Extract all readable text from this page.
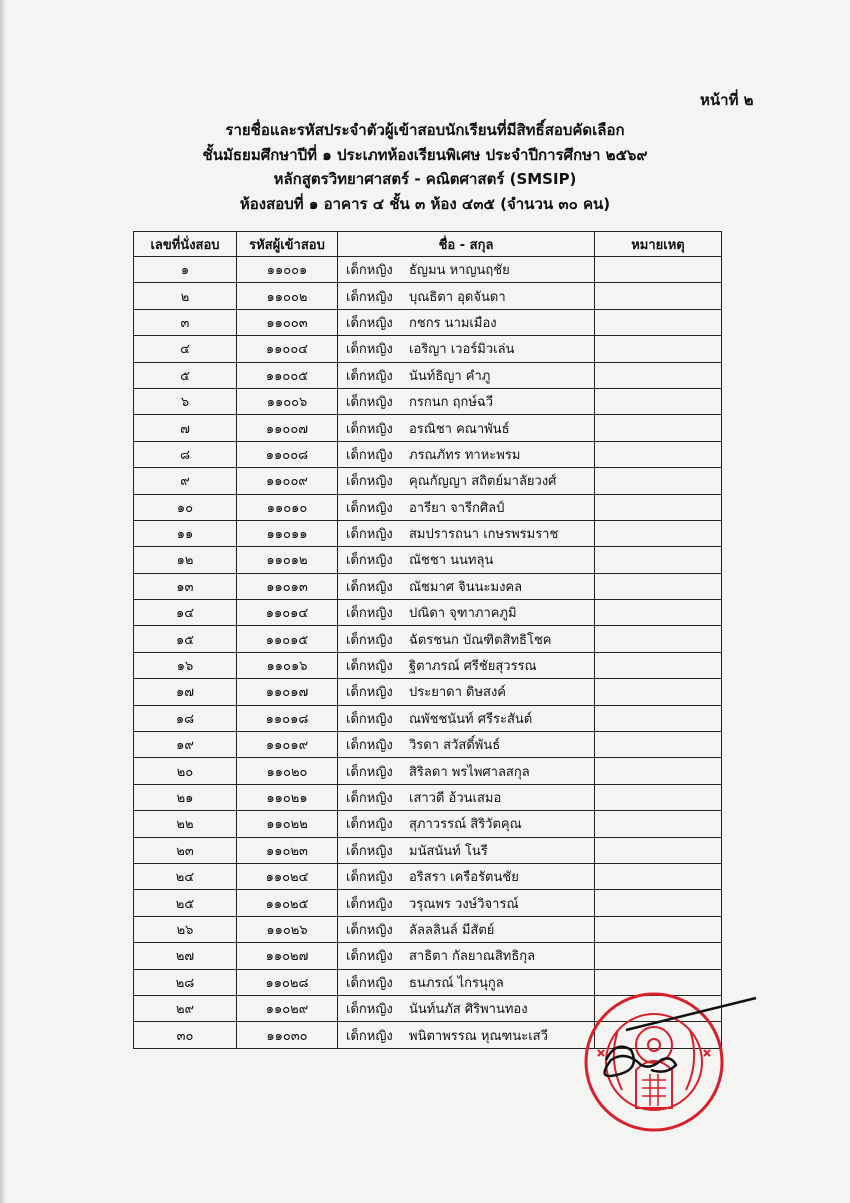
หน้าที่ ๒
รายชื่อและรหัสประจำตัวผู้เข้าสอบนักเรียนที่มีสิทธิ์สอบคัดเลือก
ชั้นมัธยมศึกษาปีที่ ๑ ประเภทห้องเรียนพิเศษ ประจำปีการศึกษา ๒๕๖๙
หลักสูตรวิทยาศาสตร์ - คณิตศาสตร์ (SMSIP)
ห้องสอบที่ ๑ อาคาร ๔ ชั้น ๓ ห้อง ๔๓๕ (จำนวน ๓๐ คน)
เลขที่นั่งสอบ	รหัสผู้เข้าสอบ	ชื่อ - สกุล	หมายเหตุ
๑	๑๑๐๐๑	เด็กหญิง ธัญมน หาญนฤชัย	
๒	๑๑๐๐๒	เด็กหญิง บุณธิตา อุดจันดา	
๓	๑๑๐๐๓	เด็กหญิง กชกร นามเมือง	
๔	๑๑๐๐๔	เด็กหญิง เอริญา เวอร์มิวเล่น	
๕	๑๑๐๐๕	เด็กหญิง นันท์ธิญา คำภู	
๖	๑๑๐๐๖	เด็กหญิง กรกนก ฤกษ์ฉวี	
๗	๑๑๐๐๗	เด็กหญิง อรณิชา คณาพันธ์	
๘	๑๑๐๐๘	เด็กหญิง ภรณภัทร ทาหะพรม	
๙	๑๑๐๐๙	เด็กหญิง คุณกัญญา สถิตย์มาลัยวงศ์	
๑๐	๑๑๐๑๐	เด็กหญิง อารียา จารีกศิลป์	
๑๑	๑๑๐๑๑	เด็กหญิง สมปรารถนา เกษรพรมราช	
๑๒	๑๑๐๑๒	เด็กหญิง ณัชชา นนทลุน	
๑๓	๑๑๐๑๓	เด็กหญิง ณัชมาศ จินนะมงคล	
๑๔	๑๑๐๑๔	เด็กหญิง ปณิดา จุฑาภาคภูมิ	
๑๕	๑๑๐๑๕	เด็กหญิง ฉัตรชนก บัณฑิตสิทธิโชค	
๑๖	๑๑๐๑๖	เด็กหญิง ฐิตาภรณ์ ศรีชัยสุวรรณ	
๑๗	๑๑๐๑๗	เด็กหญิง ประยาดา ดิษสงค์	
๑๘	๑๑๐๑๘	เด็กหญิง ณพัชชนันท์ ศรีระสันต์	
๑๙	๑๑๐๑๙	เด็กหญิง วิรดา สวัสดิ์พันธ์	
๒๐	๑๑๐๒๐	เด็กหญิง สิริลดา พรไพศาลสกุล	
๒๑	๑๑๐๒๑	เด็กหญิง เสาวดี อ้วนเสมอ	
๒๒	๑๑๐๒๒	เด็กหญิง สุภาวรรณ์ สิริวัตคุณ	
๒๓	๑๑๐๒๓	เด็กหญิง มนัสนันท์ โนรี	
๒๔	๑๑๐๒๔	เด็กหญิง อริสรา เครือรัตนชัย	
๒๕	๑๑๐๒๕	เด็กหญิง วรุณพร วงษ์วิจารณ์	
๒๖	๑๑๐๒๖	เด็กหญิง ลัลลลินล์ มีสัตย์	
๒๗	๑๑๐๒๗	เด็กหญิง สาธิตา กัลยาณสิทธิกุล	
๒๘	๑๑๐๒๘	เด็กหญิง ธนภรณ์ ไกรนุกูล	
๒๙	๑๑๐๒๙	เด็กหญิง นันท์นภัส ศิริพานทอง	
๓๐	๑๑๐๓๐	เด็กหญิง พนิตาพรรณ หุณฑนะเสวี	
